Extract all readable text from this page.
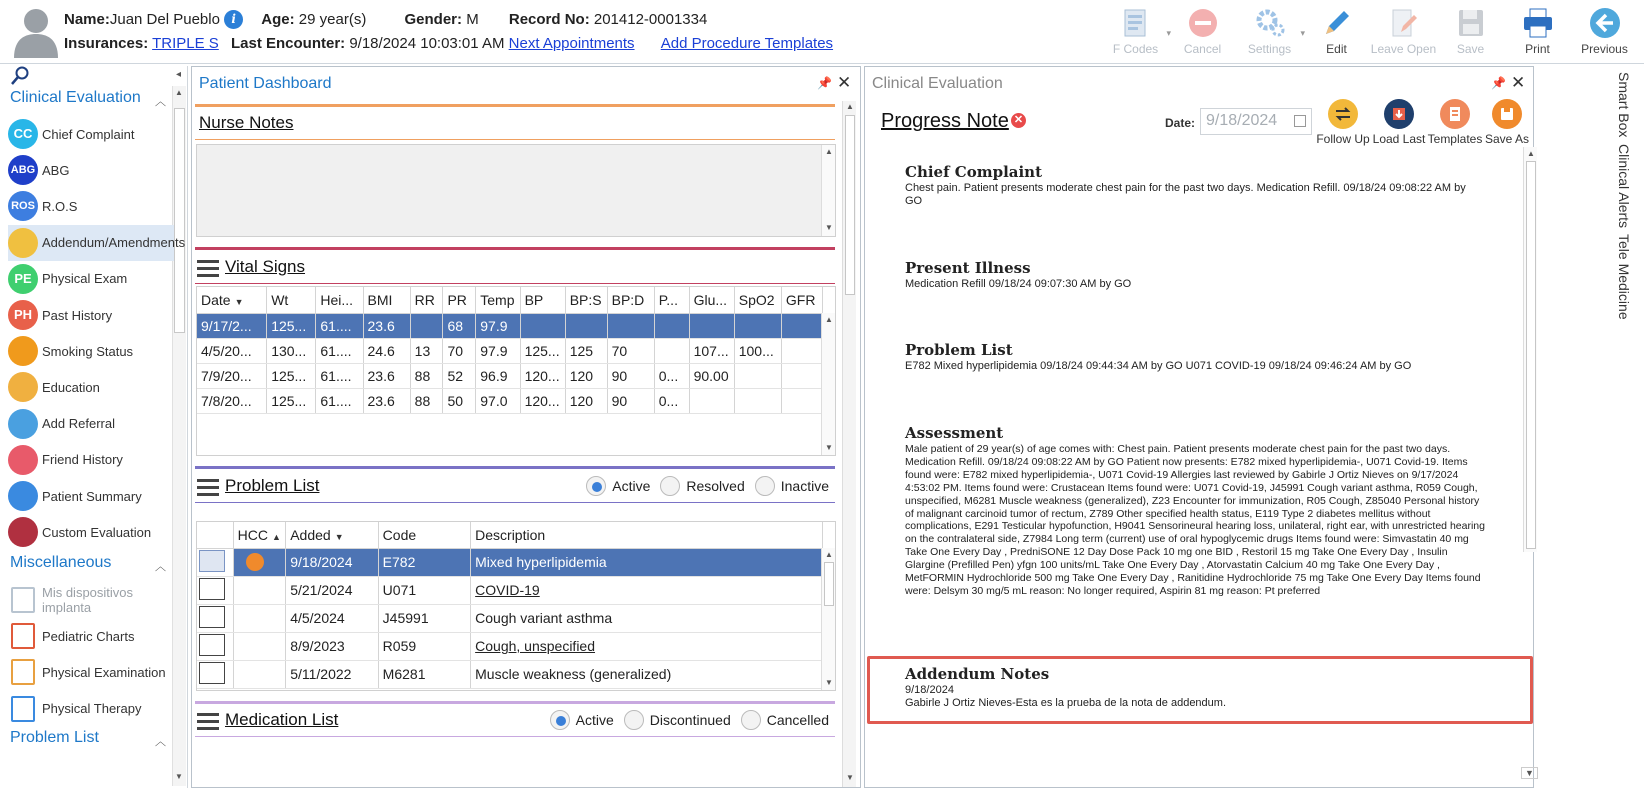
Name:Juan Del Pueblo i Age: 29 year(s)	Gender: M Record No: 201412-0001334
Insurances: TRIPLE S Last Encounter: 9/18/2024 10:03:01 AM Next Appointments Add Procedure Templates	F Codes
▾
Cancel	Settings
▾
Edit	Leave Open	Save	Print	Previous
◂
▲
▼
Clinical Evaluation ︿
CC Chief Complaint
ABG ABG
ROS R.O.S
Addendum/Amendments
PE Physical Exam
PH Past History
Smoking Status
Education
Add Referral
Friend History
Patient Summary
Custom Evaluation
Miscellaneous	︿
Mis dispositivos implanta
Pediatric Charts
Physical Examination
Physical Therapy
Problem List	︿
Patient Dashboard	📌 ✕
▲
▼
Nurse Notes
▲
▼
Vital Signs
Date ▼	Wt	Hei...	BMI	RR	PR	Temp	BP	BP:S	BP:D	P...	Glu...	SpO2	GFR
9/17/2...	125...	61....	23.6		68	97.9							
4/5/20...	130...	61....	24.6	13	70	97.9	125...	125	70		107...	100...	
7/9/20...	125...	61....	23.6	88	52	96.9	120...	120	90	0...	90.00		
7/8/20...	125...	61....	23.6	88	50	97.0	120...	120	90	0...			
▲
▼
Problem List	Active	Resolved	Inactive
	HCC ▲	Added ▼	Code	Description
		9/18/2024	E782	Mixed hyperlipidemia
		5/21/2024	U071	COVID-19
		4/5/2024	J45991	Cough variant asthma
		8/9/2023	R059	Cough, unspecified
		5/11/2022	M6281	Muscle weakness (generalized)
▲
▼
Medication List	Active	Discontinued	Cancelled
Clinical Evaluation	📌 ✕
Progress Note ✕	Date: 9/18/2024
Follow Up Load Last Templates Save As
▲
Chief Complaint
Chest pain. Patient presents moderate chest pain for the past two days. Medication Refill. 09/18/24 09:08:22 AM by GO
Present Illness
Medication Refill 09/18/24 09:07:30 AM by GO
Problem List
E782 Mixed hyperlipidemia 09/18/24 09:44:34 AM by GO U071 COVID-19 09/18/24 09:46:24 AM by GO
Assessment
Male patient of 29 year(s) of age comes with: Chest pain. Patient presents moderate chest pain for the past two days. Medication Refill. 09/18/24 09:08:22 AM by GO Patient now presents: E782 mixed hyperlipidemia-, U071 Covid-19. Items found were: E782 mixed hyperlipidemia-, U071 Covid-19 Allergies last reviewed by Gabirle J Ortiz Nieves on 9/17/2024 4:53:02 PM. Items found were: Crustacean Items found were: U071 Covid-19, J45991 Cough variant asthma, R059 Cough, unspecified, M6281 Muscle weakness (generalized), Z23 Encounter for immunization, R05 Cough, Z85040 Personal history of malignant carcinoid tumor of rectum, Z789 Other specified health status, E119 Type 2 diabetes mellitus without complications, E291 Testicular hypofunction, H9041 Sensorineural hearing loss, unilateral, right ear, with unrestricted hearing on the contralateral side, Z7984 Long term (current) use of oral hypoglycemic drugs Items found were: Simvastatin 40 mg Take One Every Day , PredniSONE 12 Day Dose Pack 10 mg one BID , Restoril 15 mg Take One Every Day , Insulin Glargine (Prefilled Pen) yfgn 100 units/mL Take One Every Day , Atorvastatin Calcium 40 mg Take One Every Day , MetFORMIN Hydrochloride 500 mg Take One Every Day , Ranitidine Hydrochloride 75 mg Take One Every Day Items found were: Delsym 30 mg/5 mL reason: No longer required, Aspirin 81 mg reason: Pt preferred
Addendum Notes
9/18/2024
Gabirle J Ortiz Nieves-Esta es la prueba de la nota de addendum.
▼
Smart Box
Clinical Alerts
Tele Medicine
